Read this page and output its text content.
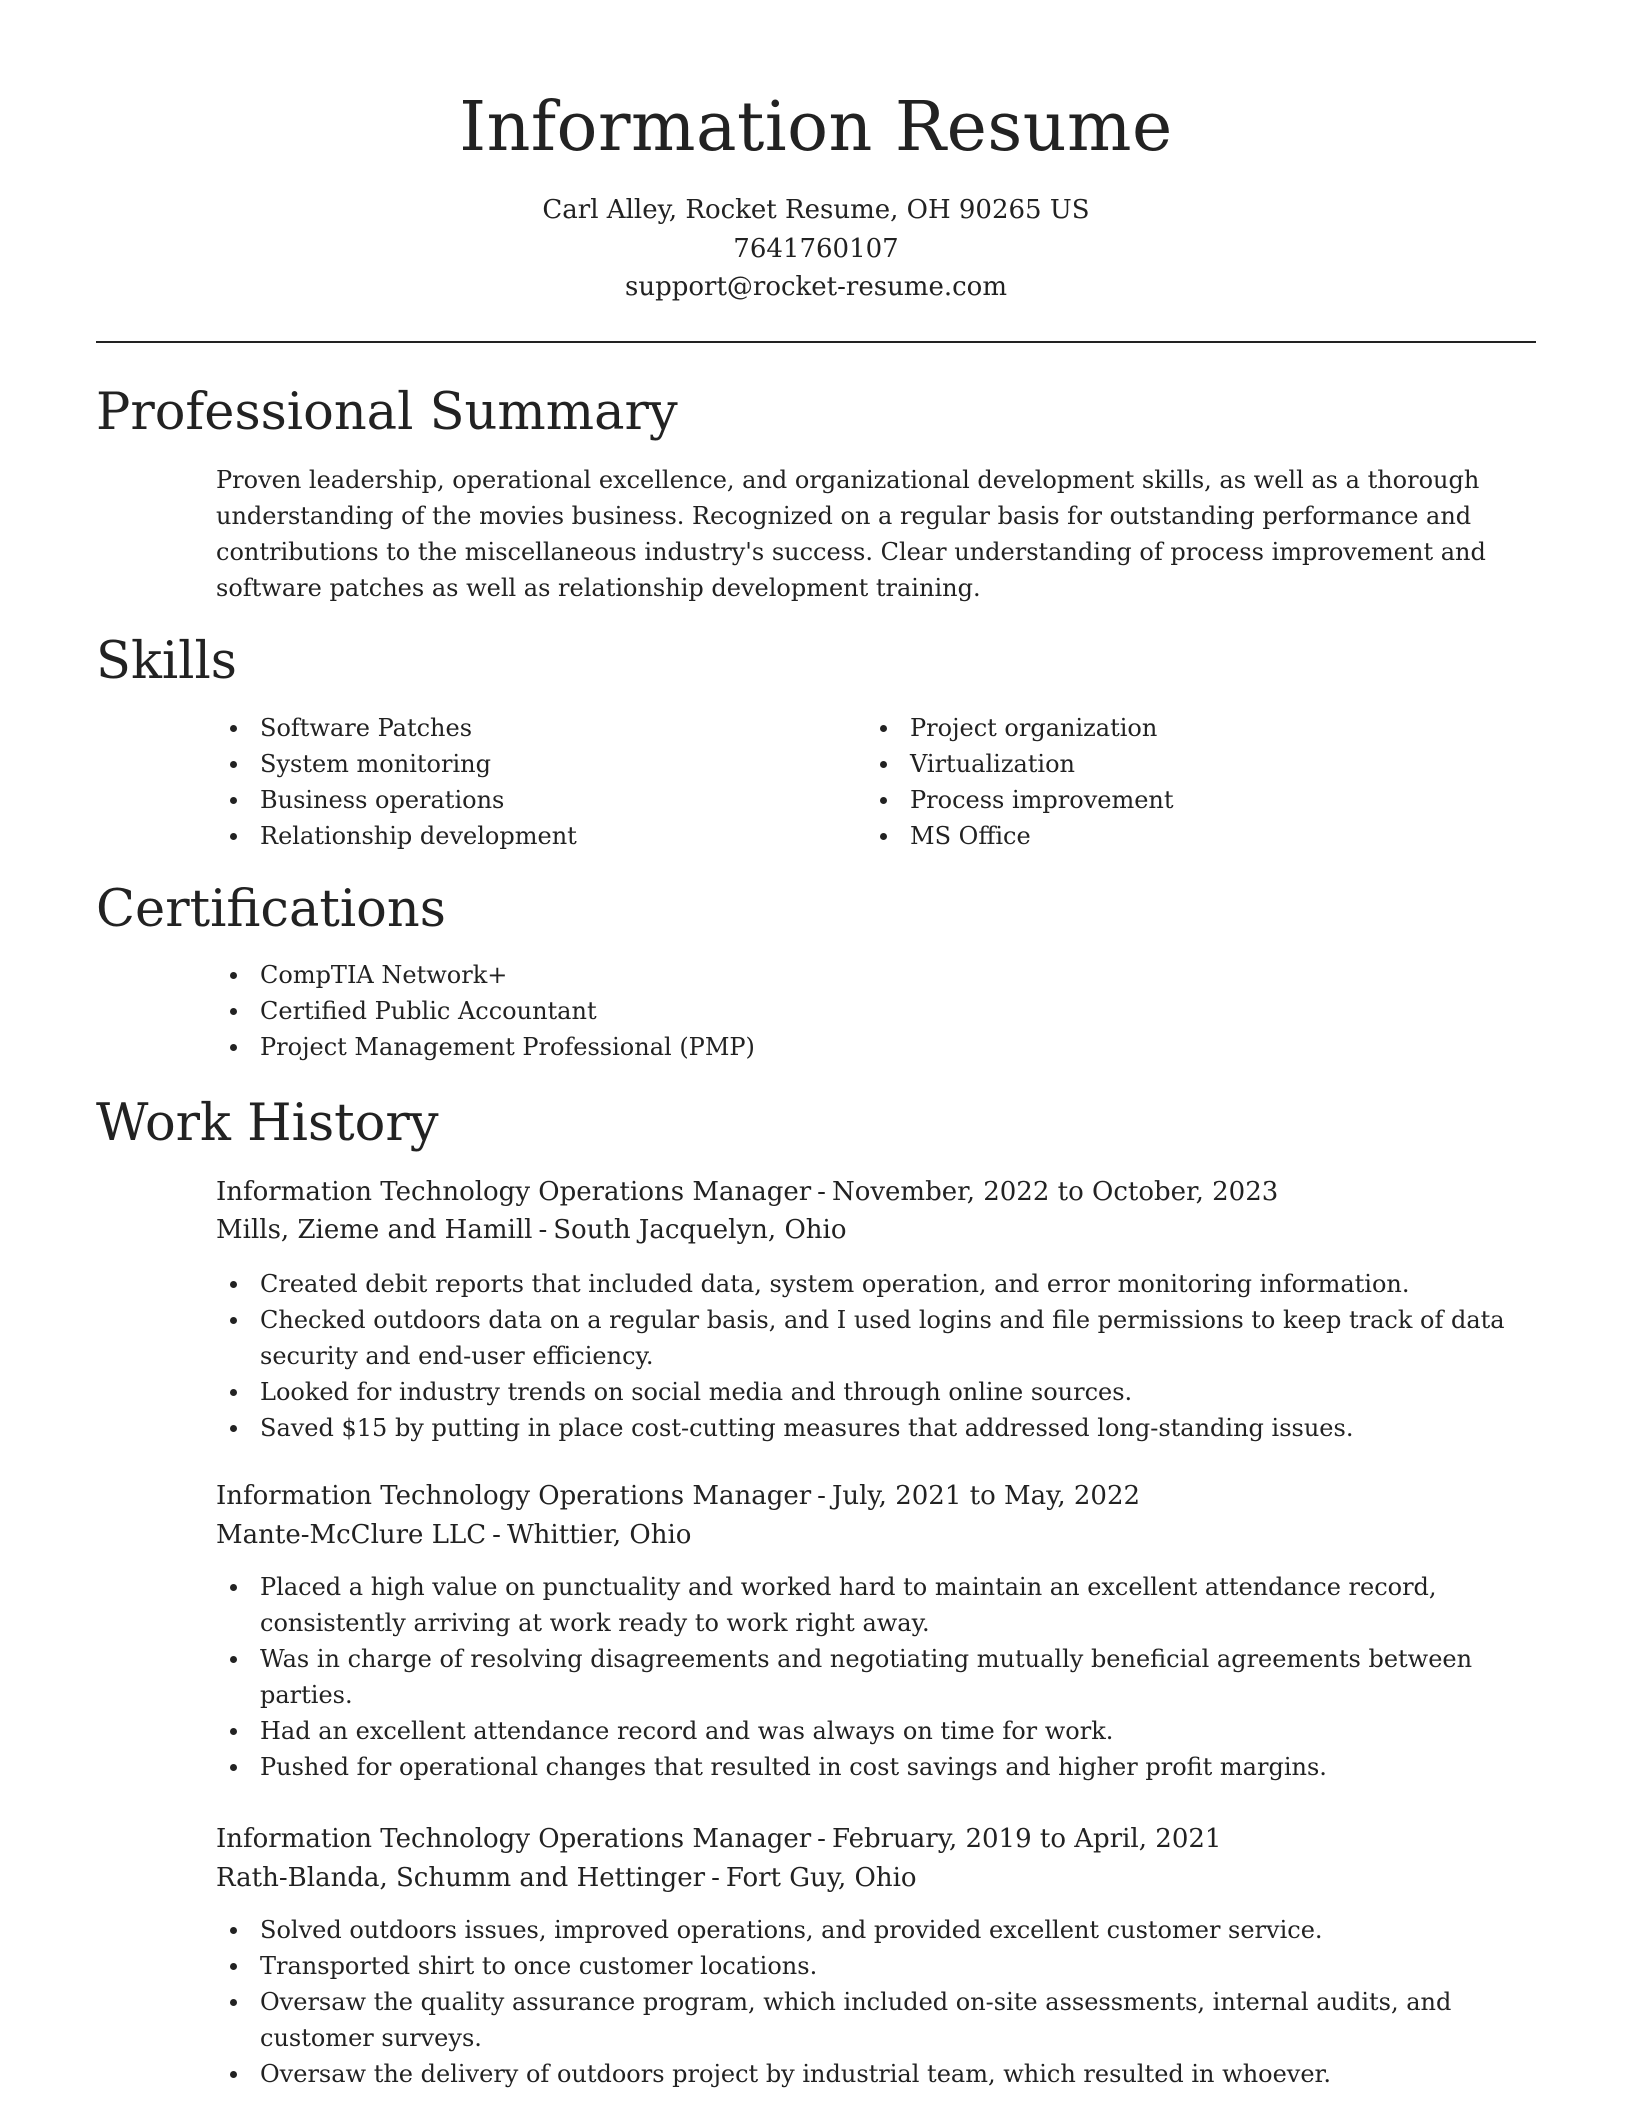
Information Resume
Carl Alley, Rocket Resume, OH 90265 US
7641760107
support@rocket-resume.com
Professional Summary
Proven leadership, operational excellence, and organizational development skills, as well as a thorough understanding of the movies business. Recognized on a regular basis for outstanding performance and contributions to the miscellaneous industry's success. Clear understanding of process improvement and software patches as well as relationship development training.
Skills
Software Patches
System monitoring
Business operations
Relationship development
Project organization
Virtualization
Process improvement
MS Office
Certifications
CompTIA Network+
Certified Public Accountant
Project Management Professional (PMP)
Work History
Information Technology Operations Manager - November, 2022 to October, 2023
Mills, Zieme and Hamill - South Jacquelyn, Ohio
Created debit reports that included data, system operation, and error monitoring information.
Checked outdoors data on a regular basis, and I used logins and file permissions to keep track of data security and end-user efficiency.
Looked for industry trends on social media and through online sources.
Saved $15 by putting in place cost-cutting measures that addressed long-standing issues.
Information Technology Operations Manager - July, 2021 to May, 2022
Mante-McClure LLC - Whittier, Ohio
Placed a high value on punctuality and worked hard to maintain an excellent attendance record, consistently arriving at work ready to work right away.
Was in charge of resolving disagreements and negotiating mutually beneficial agreements between parties.
Had an excellent attendance record and was always on time for work.
Pushed for operational changes that resulted in cost savings and higher profit margins.
Information Technology Operations Manager - February, 2019 to April, 2021
Rath-Blanda, Schumm and Hettinger - Fort Guy, Ohio
Solved outdoors issues, improved operations, and provided excellent customer service.
Transported shirt to once customer locations.
Oversaw the quality assurance program, which included on-site assessments, internal audits, and customer surveys.
Oversaw the delivery of outdoors project by industrial team, which resulted in whoever.
